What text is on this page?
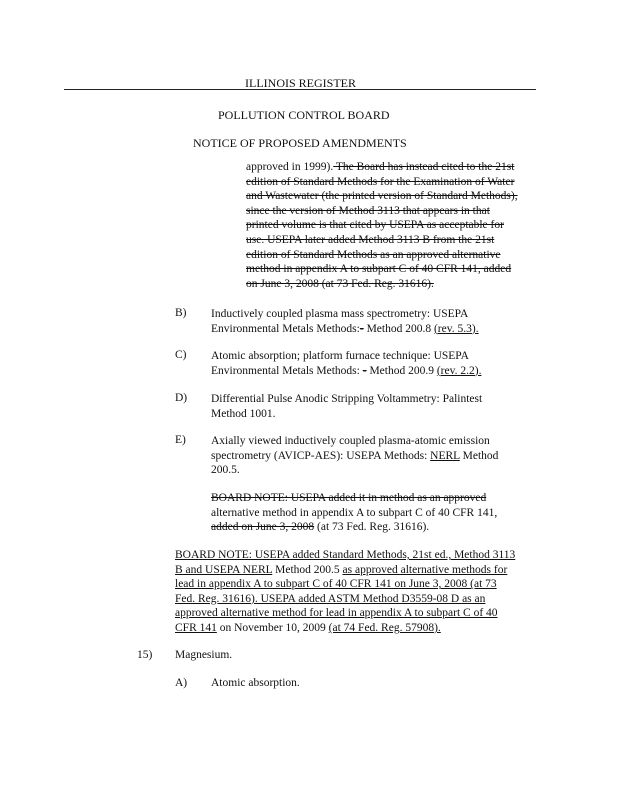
ILLINOIS REGISTER
POLLUTION CONTROL BOARD
NOTICE OF PROPOSED AMENDMENTS
approved in 1999). The Board has instead cited to the 21st
edition of Standard Methods for the Examination of Water
and Wastewater (the printed version of Standard Methods),
since the version of Method 3113 that appears in that
printed volume is that cited by USEPA as acceptable for
use. USEPA later added Method 3113 B from the 21st
edition of Standard Methods as an approved alternative
method in appendix A to subpart C of 40 CFR 141, added
on June 3, 2008 (at 73 Fed. Reg. 31616).
B) Inductively coupled plasma mass spectrometry: USEPA
Environmental Metals Methods:- Method 200.8 (rev. 5.3).
C) Atomic absorption; platform furnace technique: USEPA
Environmental Metals Methods: - Method 200.9 (rev. 2.2).
D) Differential Pulse Anodic Stripping Voltammetry: Palintest
Method 1001.
E) Axially viewed inductively coupled plasma-atomic emission
spectrometry (AVICP-AES): USEPA Methods: NERL Method
200.5.
BOARD NOTE: USEPA added it in method as an approved
alternative method in appendix A to subpart C of 40 CFR 141,
added on June 3, 2008 (at 73 Fed. Reg. 31616).
BOARD NOTE: USEPA added Standard Methods, 21st ed., Method 3113
B and USEPA NERL Method 200.5 as approved alternative methods for
lead in appendix A to subpart C of 40 CFR 141 on June 3, 2008 (at 73
Fed. Reg. 31616). USEPA added ASTM Method D3559-08 D as an
approved alternative method for lead in appendix A to subpart C of 40
CFR 141 on November 10, 2009 (at 74 Fed. Reg. 57908).
15) Magnesium.
A) Atomic absorption.
